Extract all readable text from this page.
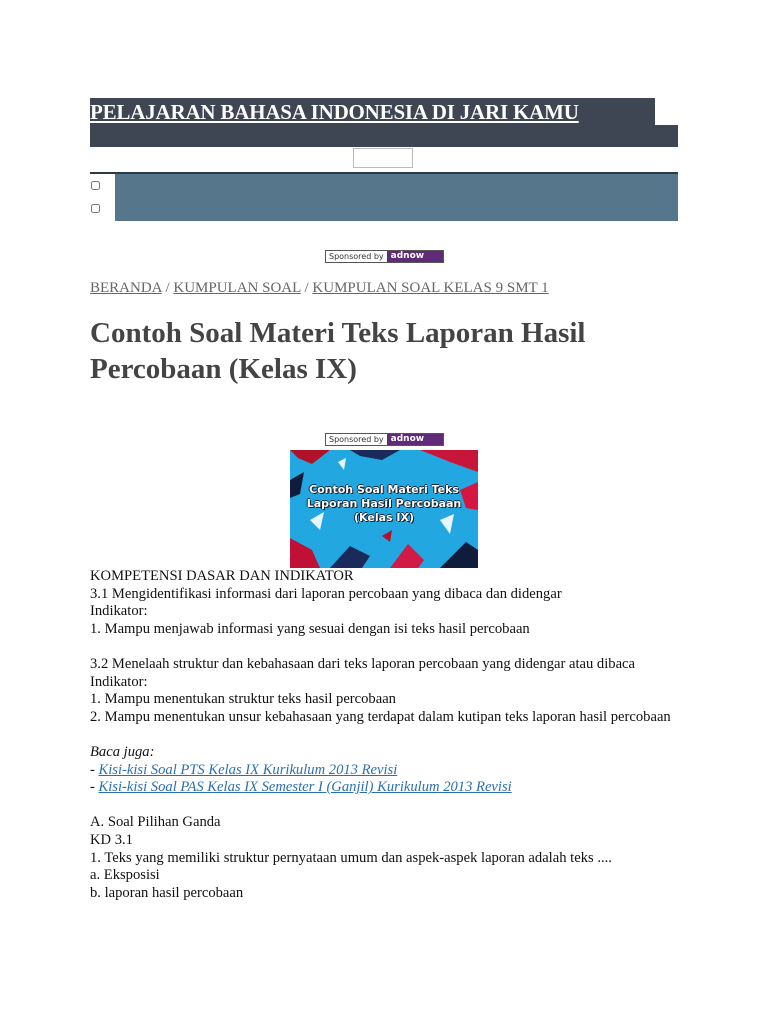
PELAJARAN BAHASA INDONESIA DI JARI KAMU
Sponsored by adnow
BERANDA / KUMPULAN SOAL / KUMPULAN SOAL KELAS 9 SMT 1
Contoh Soal Materi Teks Laporan Hasil Percobaan (Kelas IX)
Sponsored by adnow
Contoh Soal Materi Teks Laporan Hasil Percobaan (Kelas IX)

KOMPETENSI DASAR DAN INDIKATOR

3.1 Mengidentifikasi informasi dari laporan percobaan yang dibaca dan didengar

Indikator:

1. Mampu menjawab informasi yang sesuai dengan isi teks hasil percobaan

3.2 Menelaah struktur dan kebahasaan dari teks laporan percobaan yang didengar atau dibaca

Indikator:

1. Mampu menentukan struktur teks hasil percobaan

2. Mampu menentukan unsur kebahasaan yang terdapat dalam kutipan teks laporan hasil percobaan

Baca juga:

- Kisi-kisi Soal PTS Kelas IX Kurikulum 2013 Revisi

- Kisi-kisi Soal PAS Kelas IX Semester I (Ganjil) Kurikulum 2013 Revisi

A. Soal Pilihan Ganda

KD 3.1

1. Teks yang memiliki struktur pernyataan umum dan aspek-aspek laporan adalah teks ....

a. Eksposisi

b. laporan hasil percobaan
